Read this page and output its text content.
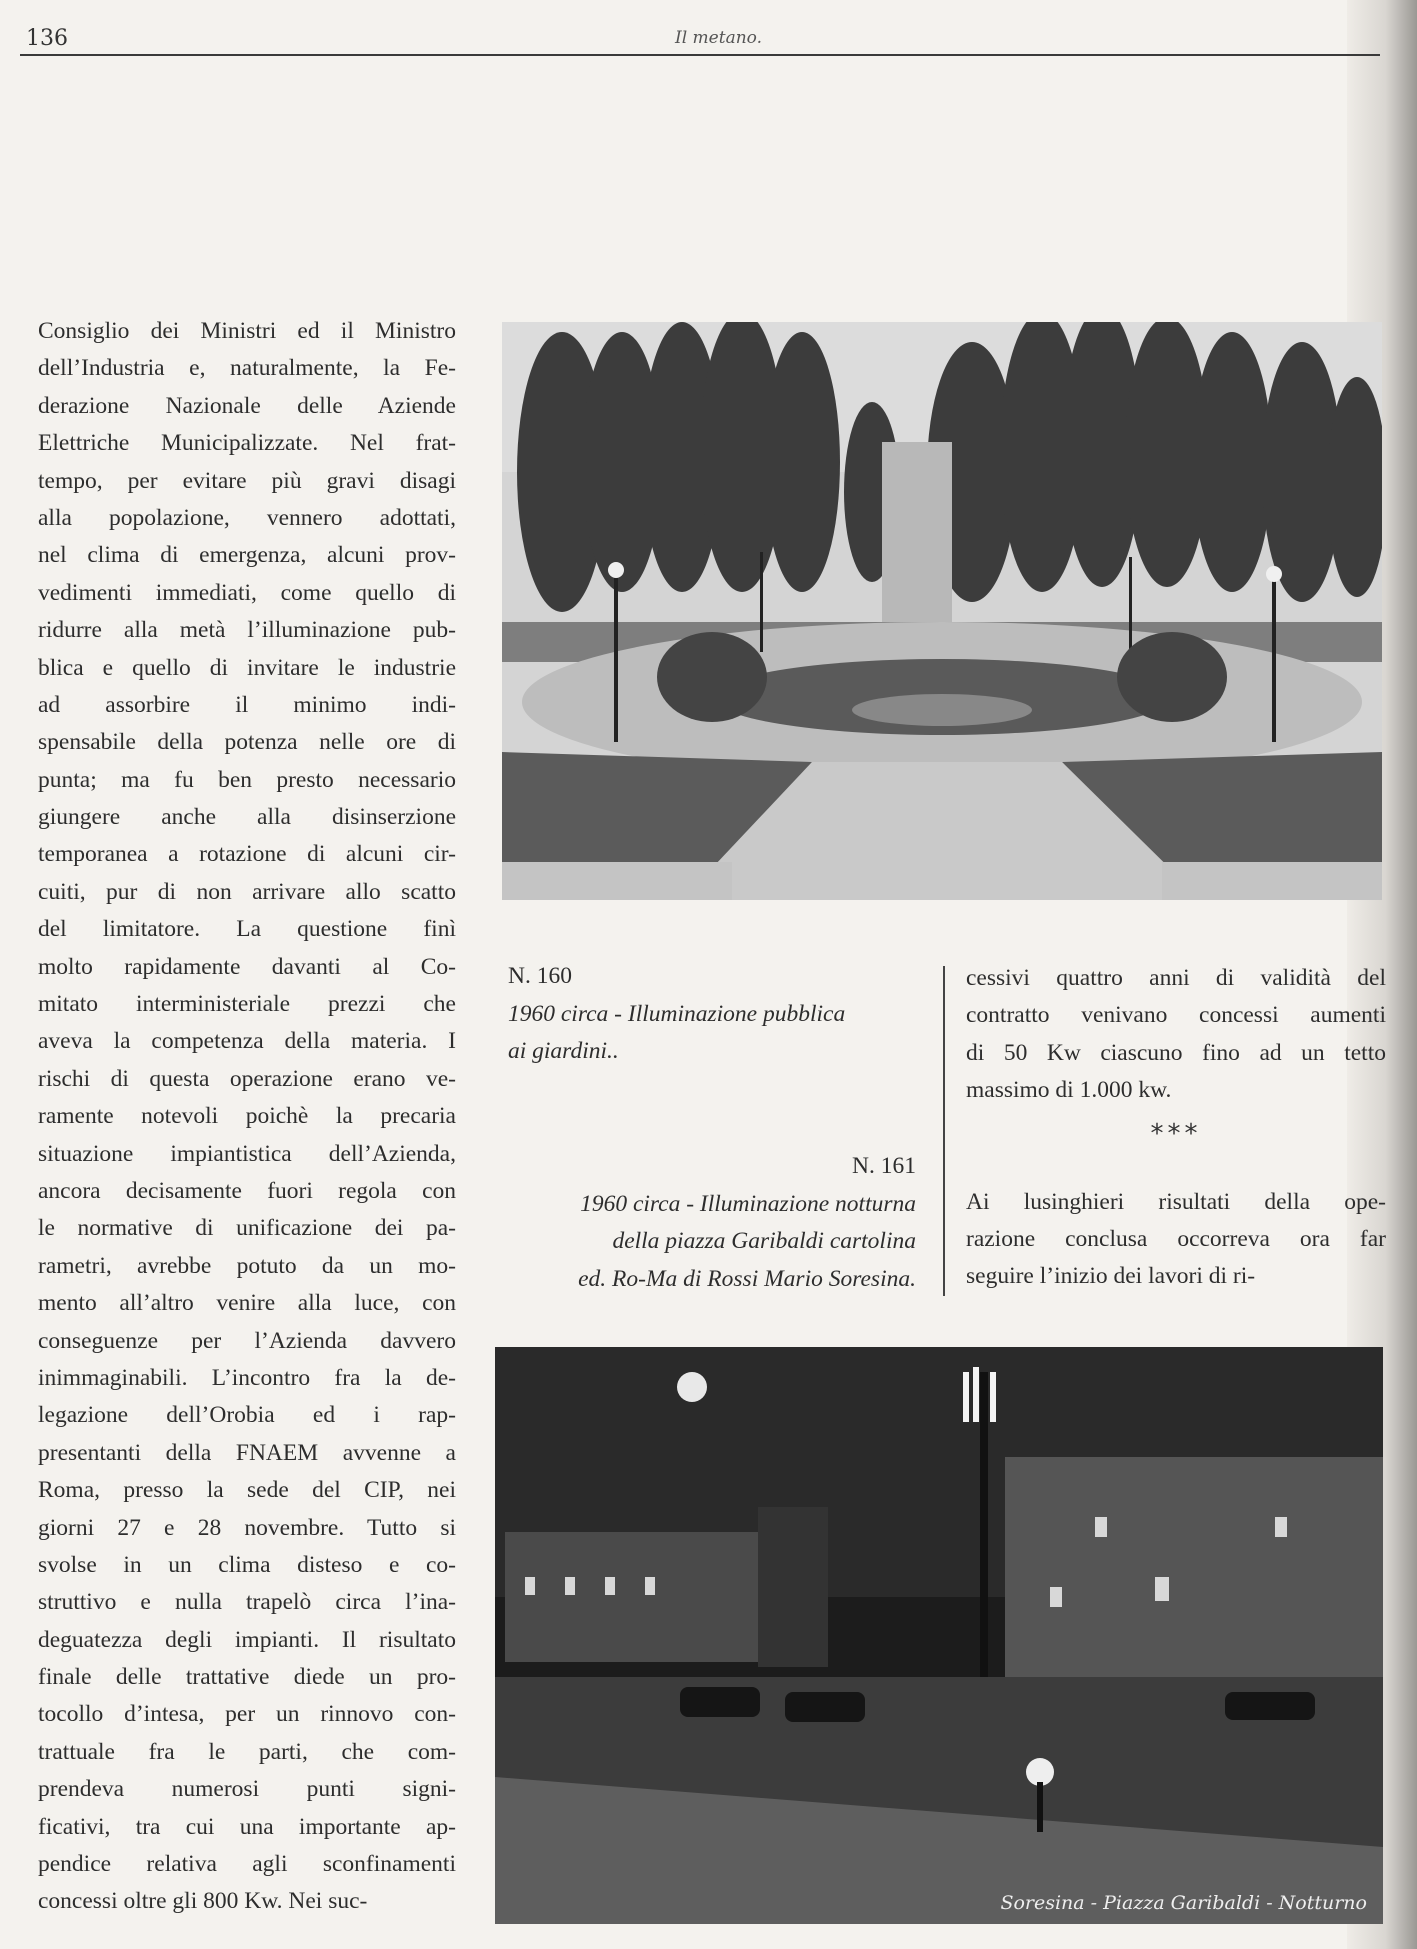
136	Il metano.
Consiglio dei Ministri ed il Ministro
dell’Industria e, naturalmente, la Fe-
derazione Nazionale delle Aziende
Elettriche Municipalizzate. Nel frat-
tempo, per evitare più gravi disagi
alla popolazione, vennero adottati,
nel clima di emergenza, alcuni prov-
vedimenti immediati, come quello di
ridurre alla metà l’illuminazione pub-
blica e quello di invitare le industrie
ad assorbire il minimo indi-
spensabile della potenza nelle ore di
punta; ma fu ben presto necessario
giungere anche alla disinserzione
temporanea a rotazione di alcuni cir-
cuiti, pur di non arrivare allo scatto
del limitatore. La questione finì
molto rapidamente davanti al Co-
mitato interministeriale prezzi che
aveva la competenza della materia. I
rischi di questa operazione erano ve-
ramente notevoli poichè la precaria
situazione impiantistica dell’Azienda,
ancora decisamente fuori regola con
le normative di unificazione dei pa-
rametri, avrebbe potuto da un mo-
mento all’altro venire alla luce, con
conseguenze per l’Azienda davvero
inimmaginabili. L’incontro fra la de-
legazione dell’Orobia ed i rap-
presentanti della FNAEM avvenne a
Roma, presso la sede del CIP, nei
giorni 27 e 28 novembre. Tutto si
svolse in un clima disteso e co-
struttivo e nulla trapelò circa l’ina-
deguatezza degli impianti. Il risultato
finale delle trattative diede un pro-
tocollo d’intesa, per un rinnovo con-
trattuale fra le parti, che com-
prendeva numerosi punti signi-
ficativi, tra cui una importante ap-
pendice relativa agli sconfinamenti
concessi oltre gli 800 Kw. Nei suc-
N. 160
1960 circa - Illuminazione pubblica
ai giardini..
N. 161
1960 circa - Illuminazione notturna
della piazza Garibaldi cartolina
ed. Ro-Ma di Rossi Mario Soresina.
cessivi quattro anni di validità del
contratto venivano concessi aumenti
di 50 Kw ciascuno fino ad un tetto
massimo di 1.000 kw.
Ai lusinghieri risultati della ope-
razione conclusa occorreva ora far
seguire l’inizio dei lavori di ri-
***
Soresina - Piazza Garibaldi - Notturno
